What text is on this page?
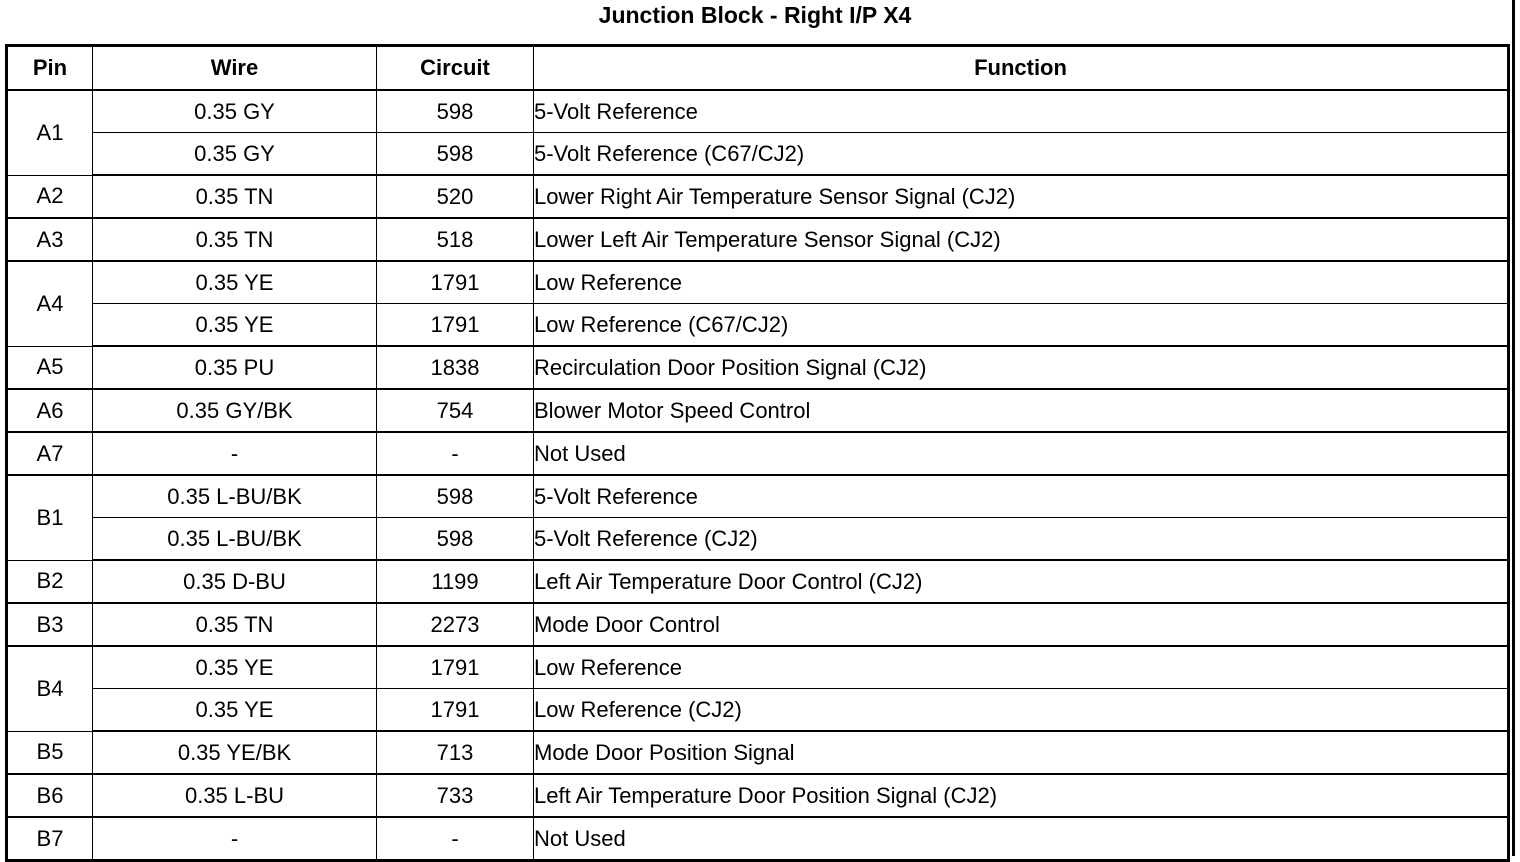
Junction Block - Right I/P X4
Pin	Wire	Circuit	Function
A1	0.35 GY	598	5-Volt Reference
	0.35 GY	598	5-Volt Reference (C67/CJ2)
A2	0.35 TN	520	Lower Right Air Temperature Sensor Signal (CJ2)
A3	0.35 TN	518	Lower Left Air Temperature Sensor Signal (CJ2)
A4	0.35 YE	1791	Low Reference
	0.35 YE	1791	Low Reference (C67/CJ2)
A5	0.35 PU	1838	Recirculation Door Position Signal (CJ2)
A6	0.35 GY/BK	754	Blower Motor Speed Control
A7	-	-	Not Used
B1	0.35 L-BU/BK	598	5-Volt Reference
	0.35 L-BU/BK	598	5-Volt Reference (CJ2)
B2	0.35 D-BU	1199	Left Air Temperature Door Control (CJ2)
B3	0.35 TN	2273	Mode Door Control
B4	0.35 YE	1791	Low Reference
	0.35 YE	1791	Low Reference (CJ2)
B5	0.35 YE/BK	713	Mode Door Position Signal
B6	0.35 L-BU	733	Left Air Temperature Door Position Signal (CJ2)
B7	-	-	Not Used
